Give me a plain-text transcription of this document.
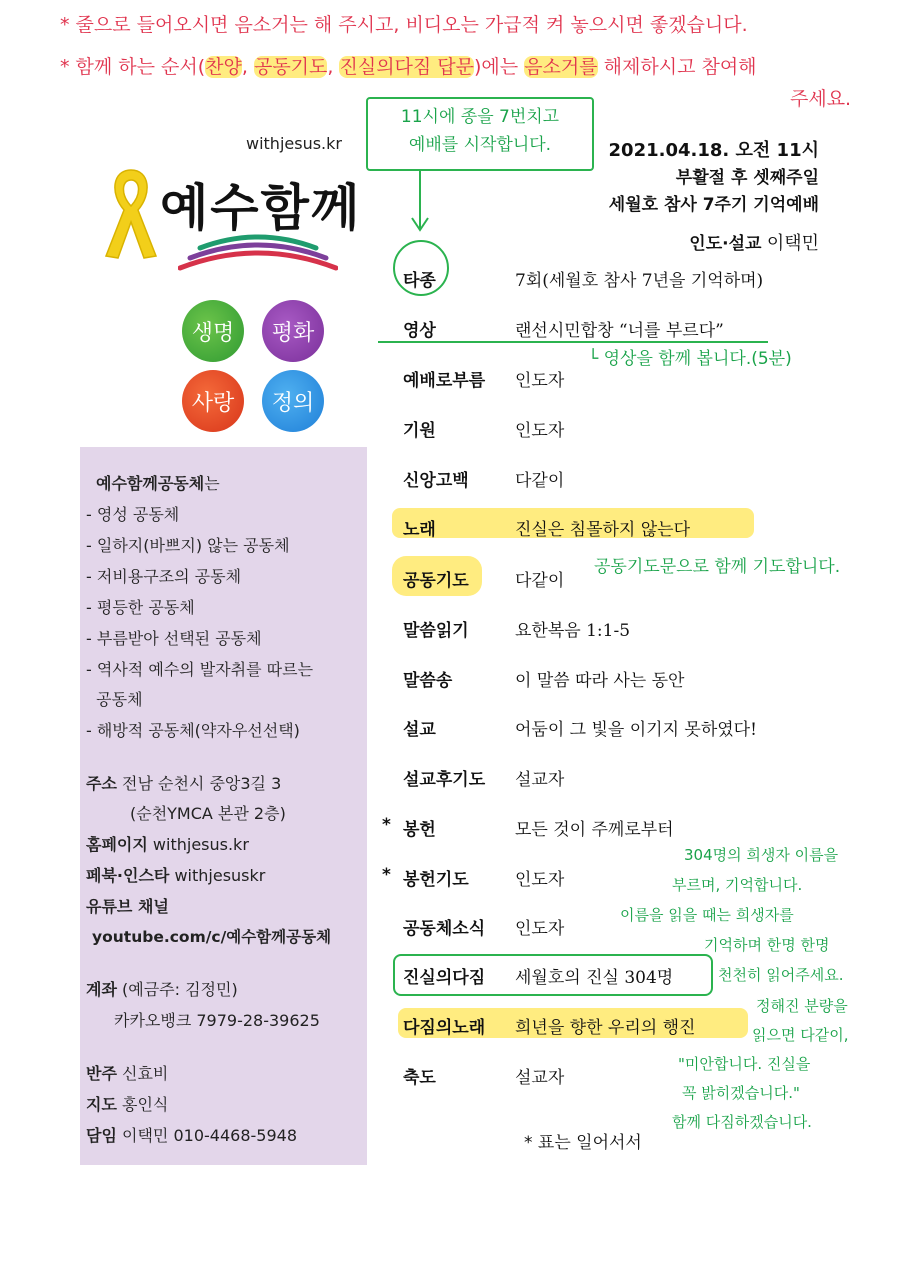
* 줄으로 들어오시면 음소거는 해 주시고, 비디오는 가급적 켜 놓으시면 좋겠습니다.
* 함께 하는 순서(찬양, 공동기도, 진실의다짐 답문)에는 음소거를 해제하시고 참여해
주세요.
withjesus.kr
예수함께
생명	평화
사랑	정의
예수함께공동체는
- 영성 공동체
- 일하지(바쁘지) 않는 공동체
- 저비용구조의 공동체
- 평등한 공동체
- 부름받아 선택된 공동체
- 역사적 예수의 발자취를 따르는
공동체
- 해방적 공동체(약자우선선택)
주소 전남 순천시 중앙3길 3
(순천YMCA 본관 2층)
홈페이지 withjesus.kr
페북·인스타 withjesuskr
유튜브 채널
youtube.com/c/예수함께공동체
계좌 (예금주: 김정민)
카카오뱅크 7979-28-39625
반주 신효비
지도 홍인식
담임 이택민 010-4468-5948
11시에 종을 7번치고
예배를 시작합니다.	2021.04.18. 오전 11시
부활절 후 셋째주일
세월호 참사 7주기 기억예배
인도·설교 이택민
타종	7회(세월호 참사 7년을 기억하며)
영상	랜선시민합창 “너를 부르다”
예배로부름 인도자
기원	인도자
신앙고백	다같이
노래	진실은 침몰하지 않는다
공동기도	다같이
말씀읽기	요한복음 1:1-5
말씀송	이 말씀 따라 사는 동안
설교	어둠이 그 빛을 이기지 못하였다!
설교후기도 설교자
* 봉헌	모든 것이 주께로부터
* 봉헌기도	인도자
공동체소식 인도자
진실의다짐 세월호의 진실 304명
다짐의노래 희년을 향한 우리의 행진
축도	설교자
* 표는 일어서서
└ 영상을 함께 봅니다.(5분)
공동기도문으로 함께 기도합니다.
304명의 희생자 이름을
부르며, 기억합니다.
이름을 읽을 때는 희생자를
기억하며 한명 한명
천천히 읽어주세요.
정해진 분량을
읽으면 다같이,
"미안합니다. 진실을
꼭 밝히겠습니다."
함께 다짐하겠습니다.
